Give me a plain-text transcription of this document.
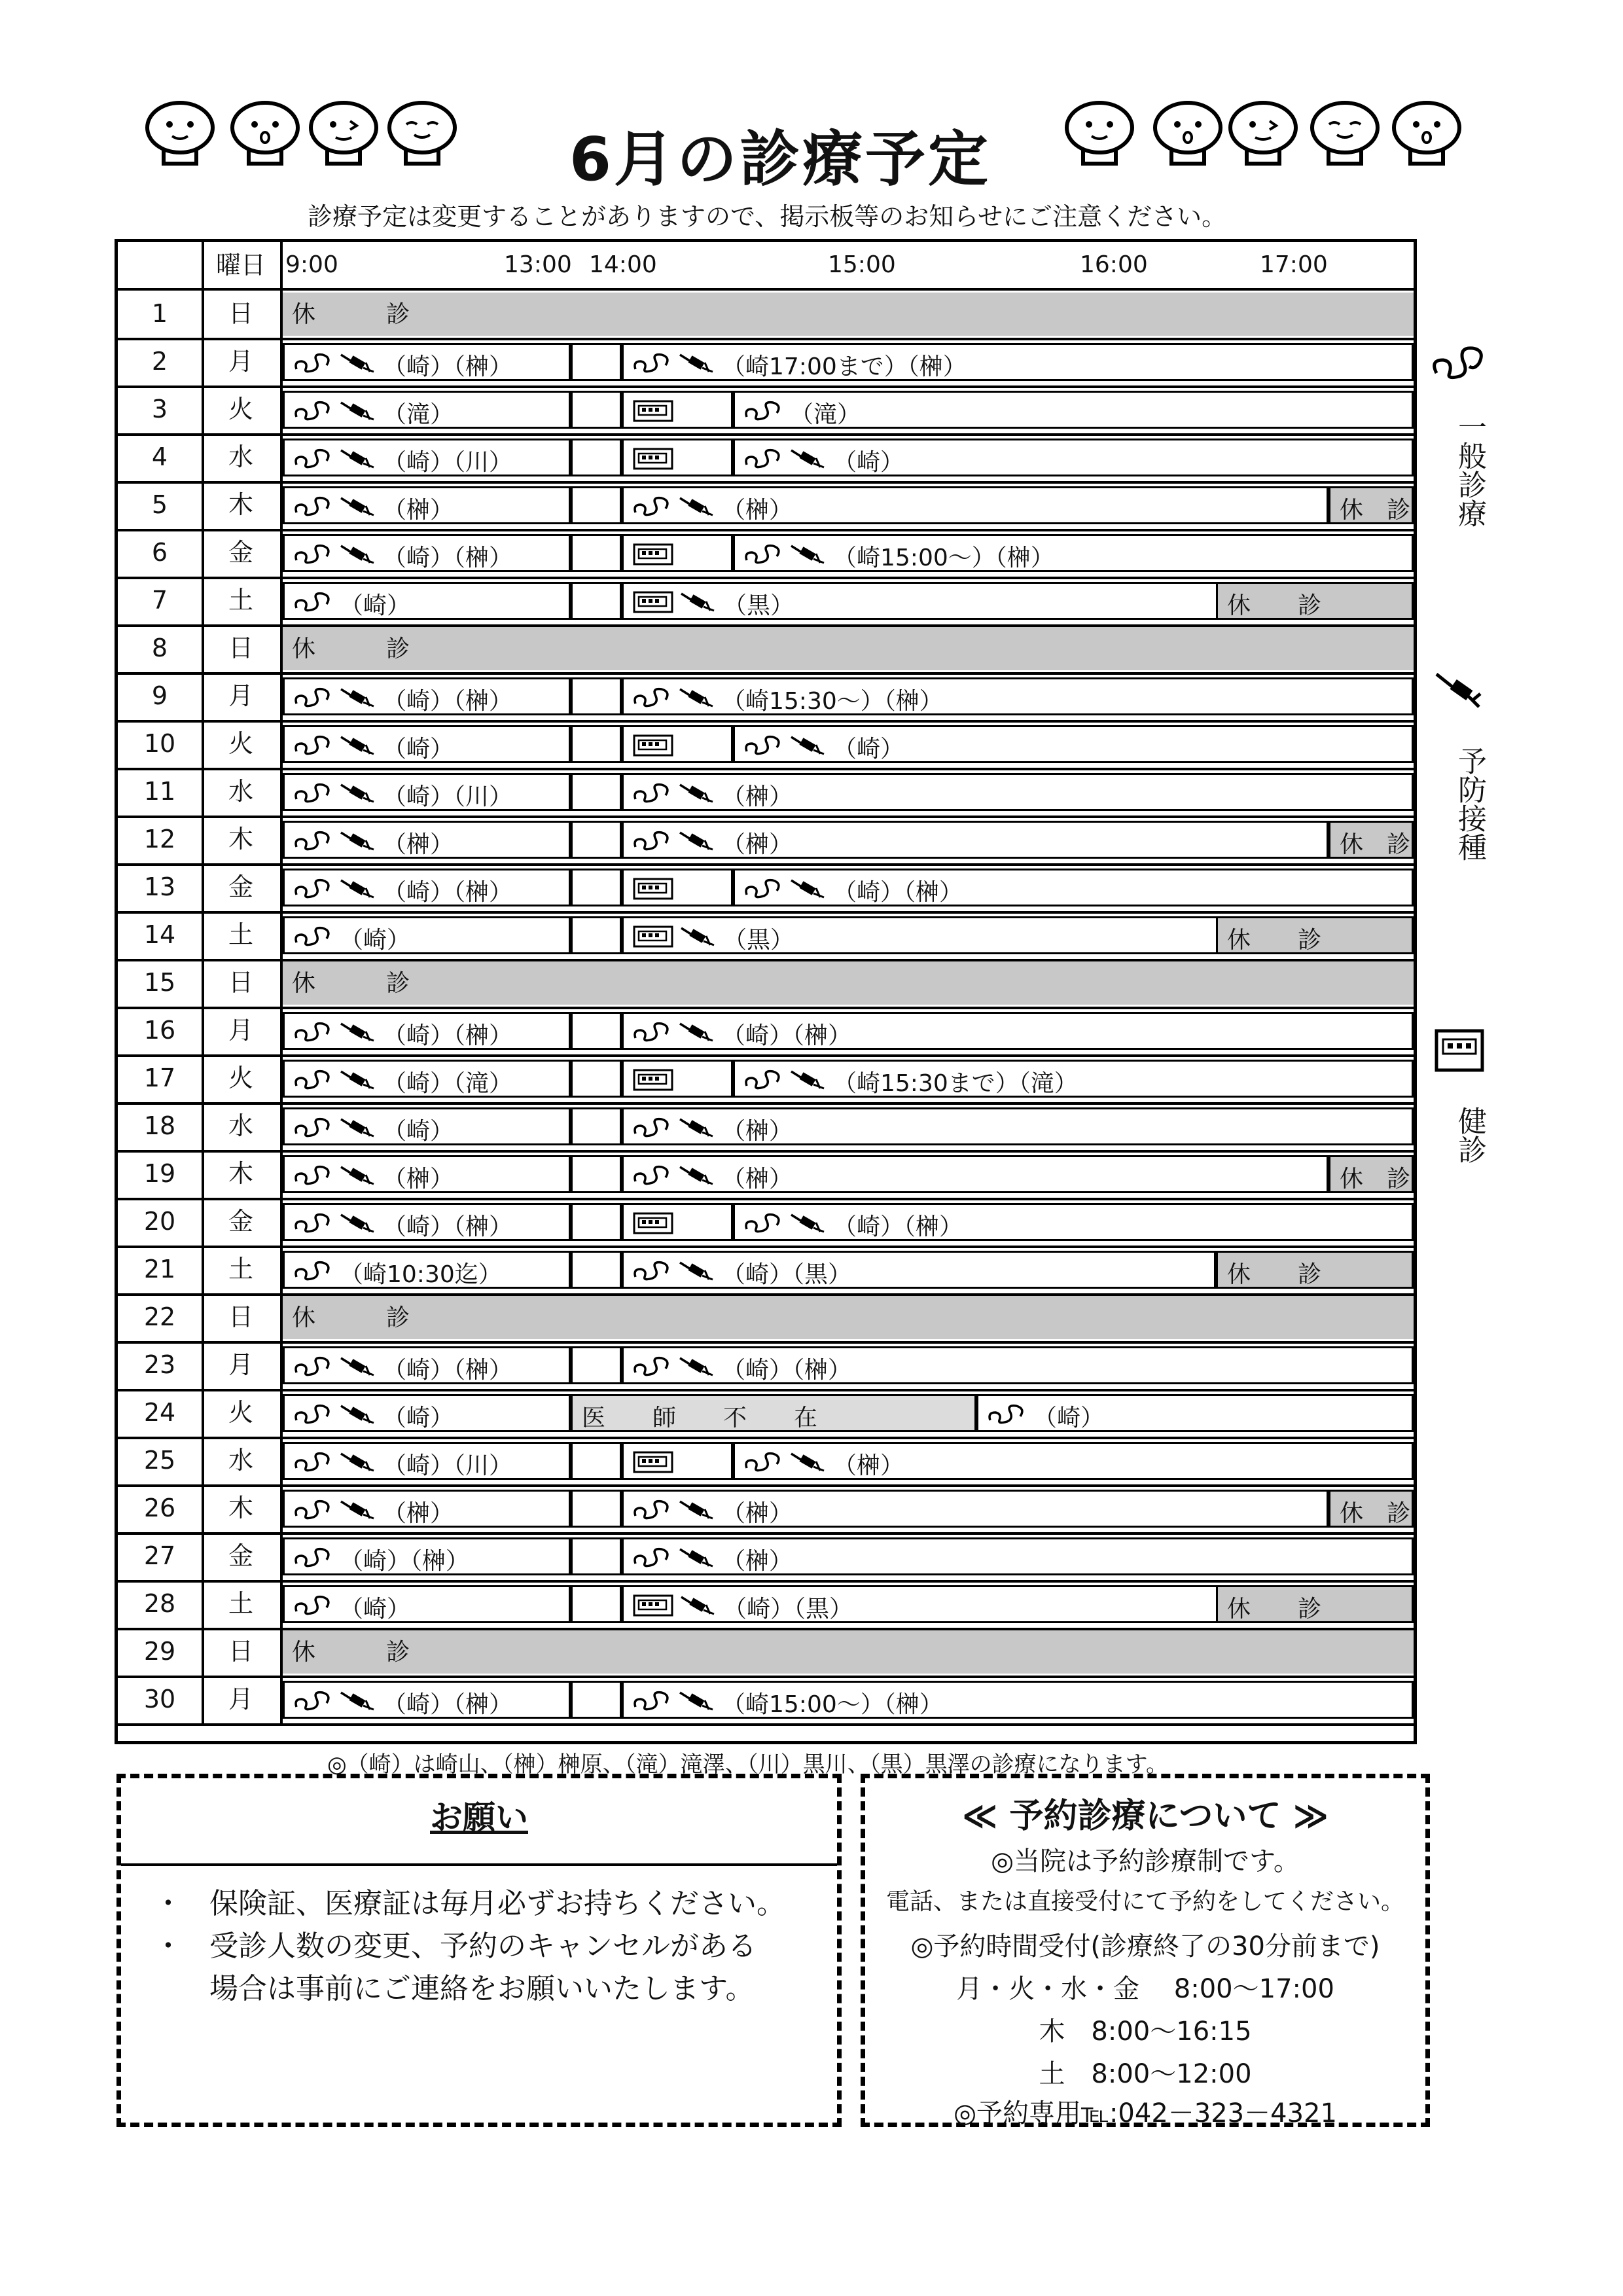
6月の診療予定
診療予定は変更することがありますので、掲示板等のお知らせにご注意ください。
曜日 9:00	13:00 14:00	15:00	16:00	17:00
1	日	休　　　診
2	月	（崎）（榊）	（崎17:00まで）（榊）
3	火	（滝）	（滝）
4	水	（崎）（川）	（崎）
5	木	（榊）	（榊）	休　診
6	金	（崎）（榊）	（崎15:00～）（榊）
7	土	（崎）	（黒）	休　　診
8	日	休　　　診
9	月	（崎）（榊）	（崎15:30～）（榊）
10	火	（崎）	（崎）
11	水	（崎）（川）	（榊）
12	木	（榊）	（榊）	休　診
13	金	（崎）（榊）	（崎）（榊）
14	土	（崎）	（黒）	休　　診
15	日	休　　　診
16	月	（崎）（榊）	（崎）（榊）
17	火	（崎）（滝）	（崎15:30まで）（滝）
18	水	（崎）	（榊）
19	木	（榊）	（榊）	休　診
20	金	（崎）（榊）	（崎）（榊）
21	土	（崎10:30迄）	（崎）（黒）	休　　診
22	日	休　　　診
23	月	（崎）（榊）	（崎）（榊）
24	火	（崎）	医　　師　　不　　在	（崎）
25	水	（崎）（川）	（榊）
26	木	（榊）	（榊）	休　診
27	金	（崎）（榊）	（榊）
28	土	（崎）	（崎）（黒）	休　　診
29	日	休　　　診
30	月	（崎）（榊）	（崎15:00～）（榊）
一般診療
予防接種
健診
◎（崎）は崎山、（榊）榊原、（滝）滝澤、（川）黒川、（黒）黒澤の診療になります。
お願い
・ 保険証、医療証は毎月必ずお持ちください。
・ 受診人数の変更、予約のキャンセルがある
場合は事前にご連絡をお願いいたします。
≪ 予約診療について ≫
◎当院は予約診療制です。
電話、または直接受付にて予約をしてください。
◎予約時間受付(診療終了の30分前まで)
月・火・水・金　 8:00～17:00
木　8:00～16:15
土　8:00～12:00
◎予約専用℡:042－323－4321
